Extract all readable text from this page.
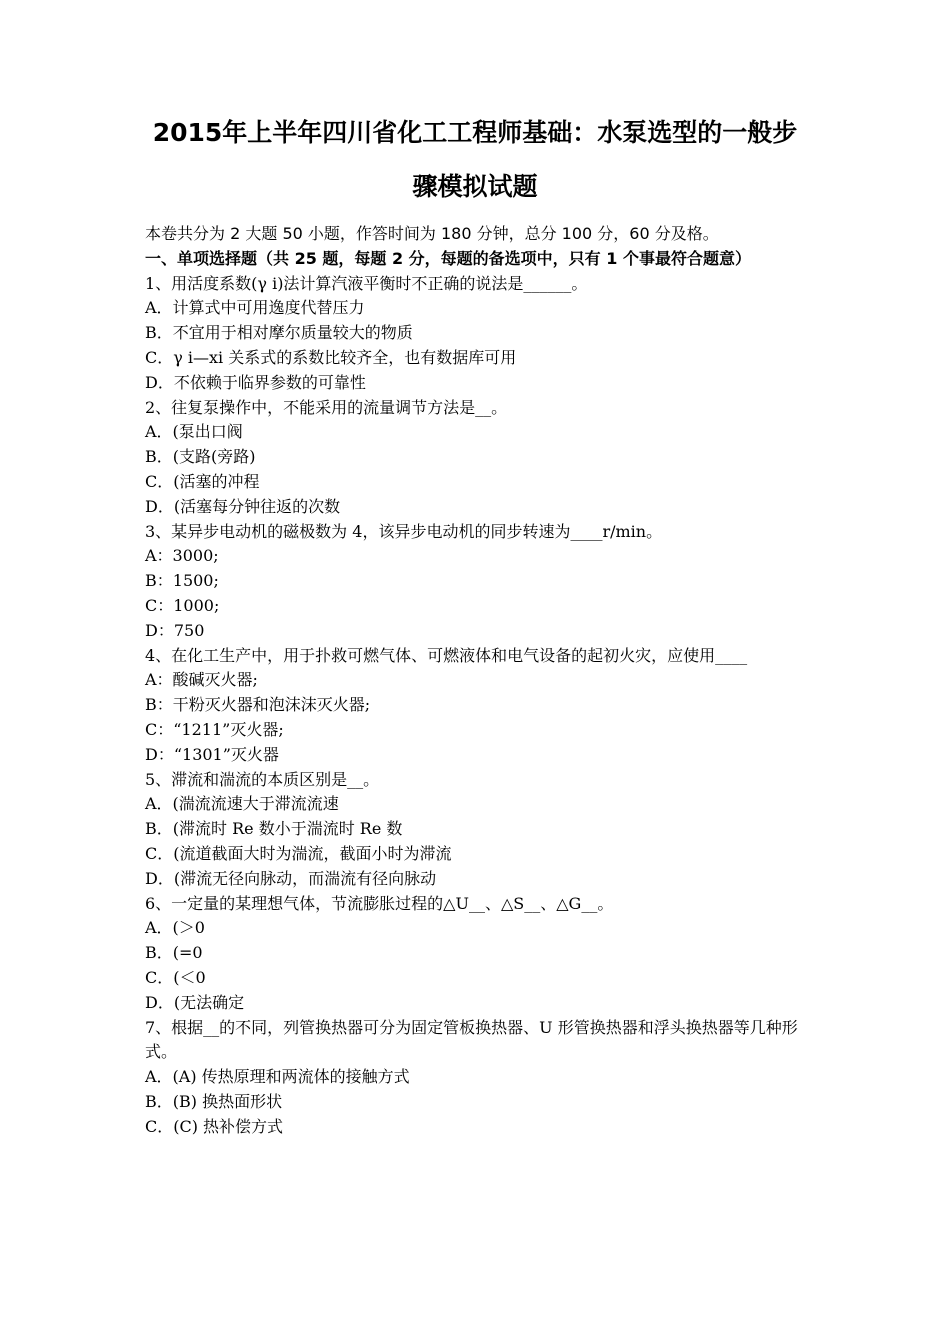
2015年上半年四川省化工工程师基础：水泵选型的一般步
骤模拟试题

本卷共分为 2 大题 50 小题，作答时间为 180 分钟，总分 100 分，60 分及格。

一、单项选择题（共 25 题，每题 2 分，每题的备选项中，只有 1 个事最符合题意）

1、用活度系数(γ i)法计算汽液平衡时不正确的说法是______。

A．计算式中可用逸度代替压力
B．不宜用于相对摩尔质量较大的物质
C．γ i—xi 关系式的系数比较齐全，也有数据库可用
D．不依赖于临界参数的可靠性

2、往复泵操作中，不能采用的流量调节方法是__。

A．(泵出口阀
B．(支路(旁路)
C．(活塞的冲程
D．(活塞每分钟往返的次数

3、某异步电动机的磁极数为 4，该异步电动机的同步转速为____r/min。

A：3000;
B：1500;
C：1000;
D：750

4、在化工生产中，用于扑救可燃气体、可燃液体和电气设备的起初火灾，应使用____

A：酸碱灭火器;
B：干粉灭火器和泡沫沫灭火器;
C：“1211”灭火器;
D：“1301”灭火器

5、滞流和湍流的本质区别是__。

A．(湍流流速大于滞流流速
B．(滞流时 Re 数小于湍流时 Re 数
C．(流道截面大时为湍流，截面小时为滞流
D．(滞流无径向脉动，而湍流有径向脉动

6、一定量的某理想气体，节流膨胀过程的△U__、△S__、△G__。

A．(＞0
B．(=0
C．(＜0
D．(无法确定

7、根据__的不同，列管换热器可分为固定管板换热器、U 形管换热器和浮头换热器等几种形式。

A．(A) 传热原理和两流体的接触方式
B．(B) 换热面形状
C．(C) 热补偿方式
